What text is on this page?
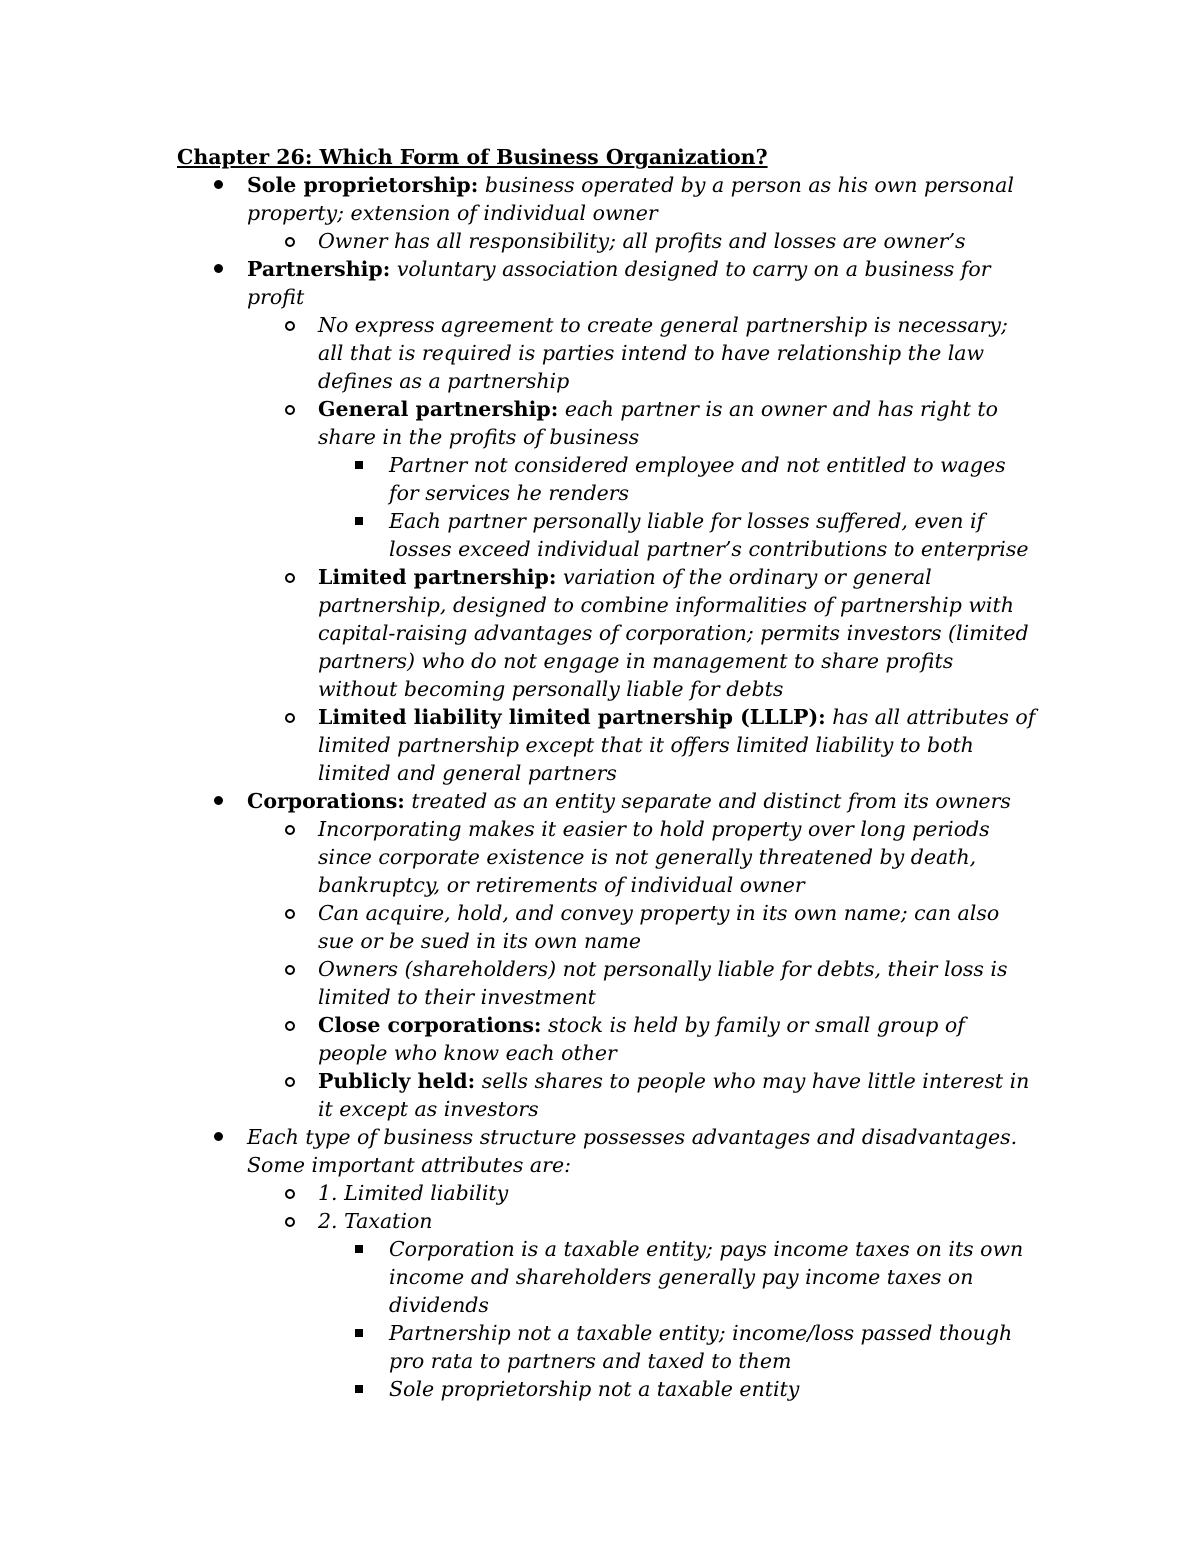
Chapter 26: Which Form of Business Organization?
Sole proprietorship: business operated by a person as his own personal property; extension of individual owner
Owner has all responsibility; all profits and losses are owner’s
Partnership: voluntary association designed to carry on a business for profit
No express agreement to create general partnership is necessary; all that is required is parties intend to have relationship the law defines as a partnership
General partnership: each partner is an owner and has right to share in the profits of business
Partner not considered employee and not entitled to wages for services he renders
Each partner personally liable for losses suffered, even if losses exceed individual partner’s contributions to enterprise
Limited partnership: variation of the ordinary or general partnership, designed to combine informalities of partnership with capital-raising advantages of corporation; permits investors (limited partners) who do not engage in management to share profits without becoming personally liable for debts
Limited liability limited partnership (LLLP): has all attributes of limited partnership except that it offers limited liability to both limited and general partners
Corporations: treated as an entity separate and distinct from its owners
Incorporating makes it easier to hold property over long periods since corporate existence is not generally threatened by death, bankruptcy, or retirements of individual owner
Can acquire, hold, and convey property in its own name; can also sue or be sued in its own name
Owners (shareholders) not personally liable for debts, their loss is limited to their investment
Close corporations: stock is held by family or small group of people who know each other
Publicly held: sells shares to people who may have little interest in it except as investors
Each type of business structure possesses advantages and disadvantages. Some important attributes are:
1. Limited liability
2. Taxation
Corporation is a taxable entity; pays income taxes on its own income and shareholders generally pay income taxes on dividends
Partnership not a taxable entity; income/loss passed though pro rata to partners and taxed to them
Sole proprietorship not a taxable entity
